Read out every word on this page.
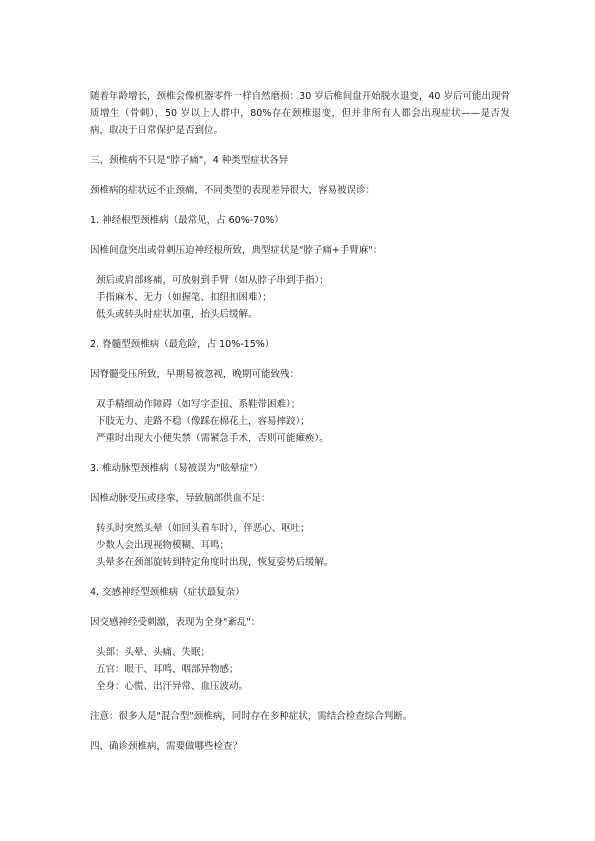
随着年龄增长，颈椎会像机器零件一样自然磨损：30 岁后椎间盘开始脱水退变，40 岁后可能出现骨质增生（骨刺），50 岁以上人群中，80%存在颈椎退变，但并非所有人都会出现症状——是否发病，取决于日常保护是否到位。

三、颈椎病不只是"脖子痛"，4 种类型症状各异

颈椎病的症状远不止颈痛，不同类型的表现差异很大，容易被误诊：

1. 神经根型颈椎病（最常见，占 60%-70%）

因椎间盘突出或骨刺压迫神经根所致，典型症状是"脖子痛+手臂麻"：

颈后或肩部疼痛，可放射到手臂（如从脖子串到手指）；
手指麻木、无力（如握笔、扣纽扣困难）；
低头或转头时症状加重，抬头后缓解。

2. 脊髓型颈椎病（最危险，占 10%-15%）

因脊髓受压所致，早期易被忽视，晚期可能致残：

双手精细动作障碍（如写字歪扭、系鞋带困难）；
下肢无力、走路不稳（像踩在棉花上，容易摔跤）；
严重时出现大小便失禁（需紧急手术，否则可能瘫痪）。

3. 椎动脉型颈椎病（易被误为"眩晕症"）

因椎动脉受压或痉挛，导致脑部供血不足：

转头时突然头晕（如回头看车时），伴恶心、呕吐；
少数人会出现视物模糊、耳鸣；
头晕多在颈部旋转到特定角度时出现，恢复姿势后缓解。

4. 交感神经型颈椎病（症状最复杂）

因交感神经受刺激，表现为全身"紊乱"：

头部：头晕、头痛、失眠；
五官：眼干、耳鸣、咽部异物感；
全身：心慌、出汗异常、血压波动。

注意：很多人是"混合型"颈椎病，同时存在多种症状，需结合检查综合判断。

四、确诊颈椎病，需要做哪些检查？
